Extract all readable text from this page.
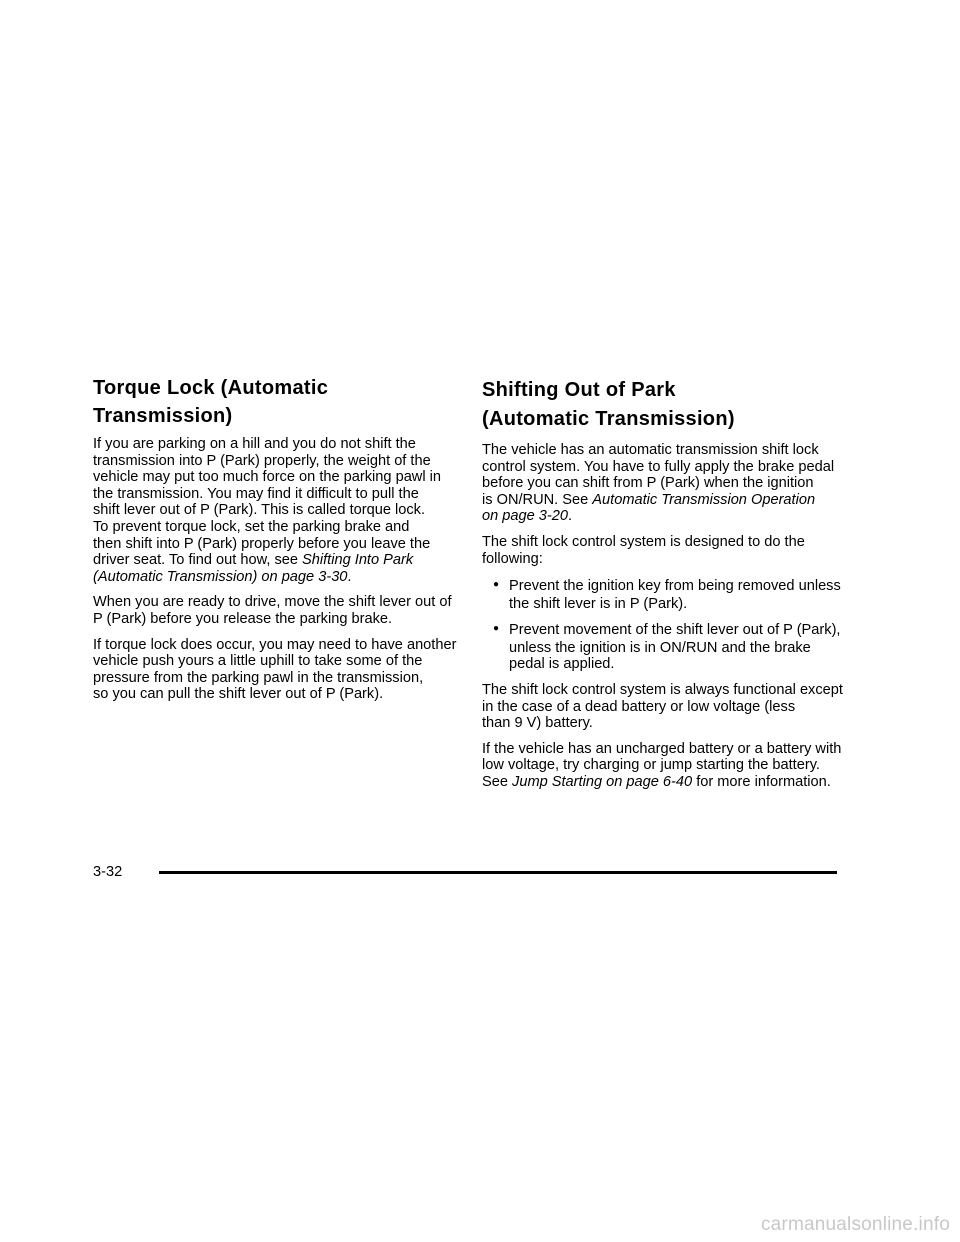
Torque Lock (Automatic Transmission)

If you are parking on a hill and you do not shift the
transmission into P (Park) properly, the weight of the
vehicle may put too much force on the parking pawl in
the transmission. You may find it difficult to pull the
shift lever out of P (Park). This is called torque lock.
To prevent torque lock, set the parking brake and
then shift into P (Park) properly before you leave the
driver seat. To find out how, see Shifting Into Park
(Automatic Transmission) on page 3-30.

When you are ready to drive, move the shift lever out of
P (Park) before you release the parking brake.

If torque lock does occur, you may need to have another
vehicle push yours a little uphill to take some of the
pressure from the parking pawl in the transmission,
so you can pull the shift lever out of P (Park).

Shifting Out of Park
(Automatic Transmission)

The vehicle has an automatic transmission shift lock
control system. You have to fully apply the brake pedal
before you can shift from P (Park) when the ignition
is ON/RUN. See Automatic Transmission Operation
on page 3-20.

The shift lock control system is designed to do the
following:

● Prevent the ignition key from being removed unless
the shift lever is in P (Park).
● Prevent movement of the shift lever out of P (Park),
unless the ignition is in ON/RUN and the brake
pedal is applied.

The shift lock control system is always functional except
in the case of a dead battery or low voltage (less
than 9 V) battery.

If the vehicle has an uncharged battery or a battery with
low voltage, try charging or jump starting the battery.
See Jump Starting on page 6-40 for more information.

3-32
carmanualsonline.info
